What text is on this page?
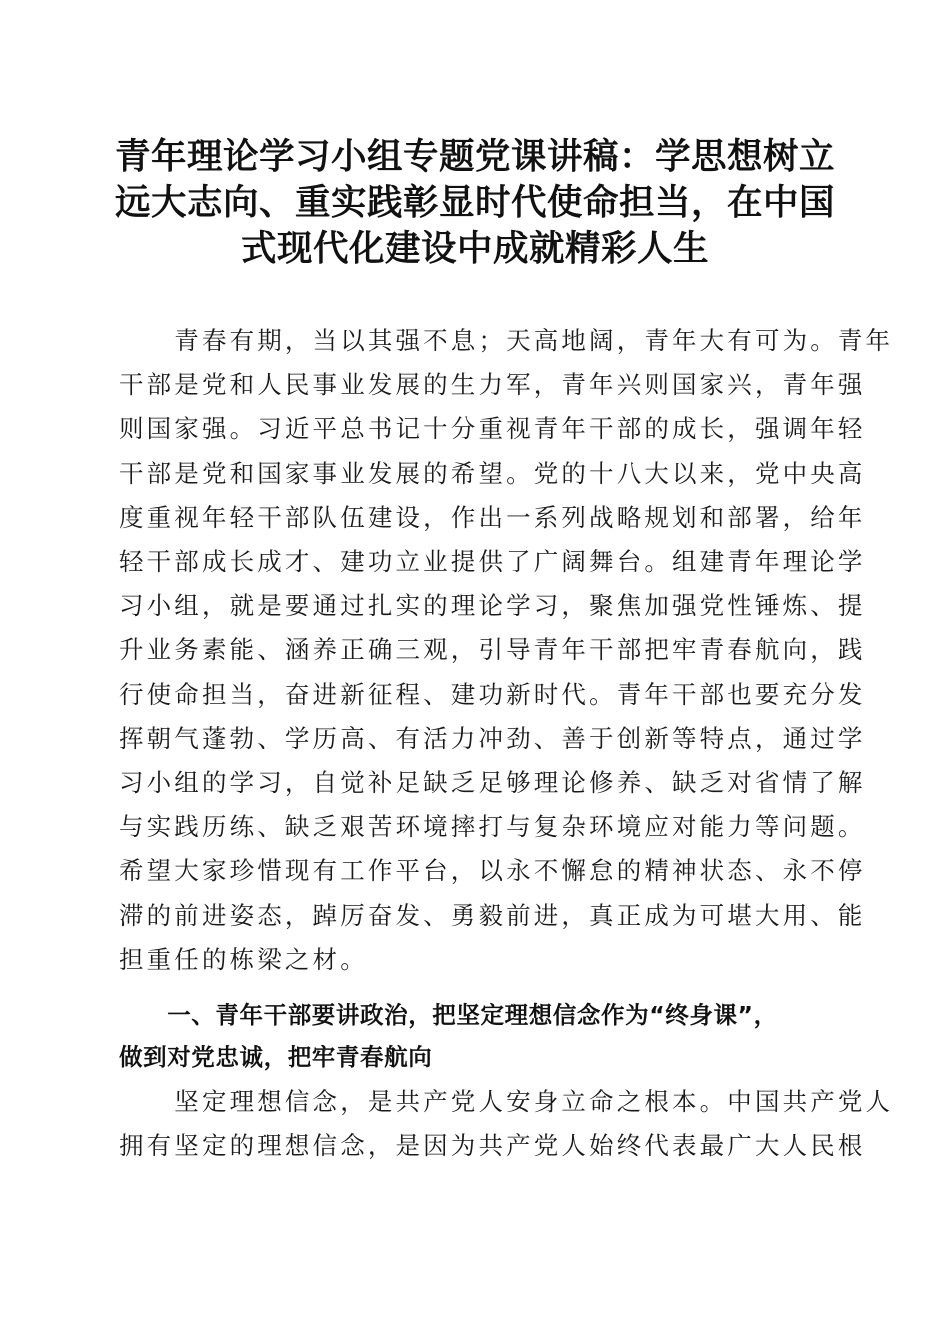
青年理论学习小组专题党课讲稿：学思想树立
远大志向、重实践彰显时代使命担当，在中国
式现代化建设中成就精彩人生

　　青春有期，当以其强不息；天高地阔，青年大有可为。青年
干部是党和人民事业发展的生力军，青年兴则国家兴，青年强
则国家强。习近平总书记十分重视青年干部的成长，强调年轻
干部是党和国家事业发展的希望。党的十八大以来，党中央高
度重视年轻干部队伍建设，作出一系列战略规划和部署，给年
轻干部成长成才、建功立业提供了广阔舞台。组建青年理论学
习小组，就是要通过扎实的理论学习，聚焦加强党性锤炼、提
升业务素能、涵养正确三观，引导青年干部把牢青春航向，践
行使命担当，奋进新征程、建功新时代。青年干部也要充分发
挥朝气蓬勃、学历高、有活力冲劲、善于创新等特点，通过学
习小组的学习，自觉补足缺乏足够理论修养、缺乏对省情了解
与实践历练、缺乏艰苦环境摔打与复杂环境应对能力等问题。
希望大家珍惜现有工作平台，以永不懈怠的精神状态、永不停
滞的前进姿态，踔厉奋发、勇毅前进，真正成为可堪大用、能
担重任的栋梁之材。

　　一、青年干部要讲政治，把坚定理想信念作为“终身课”，
做到对党忠诚，把牢青春航向

　　坚定理想信念，是共产党人安身立命之根本。中国共产党人
拥有坚定的理想信念，是因为共产党人始终代表最广大人民根
